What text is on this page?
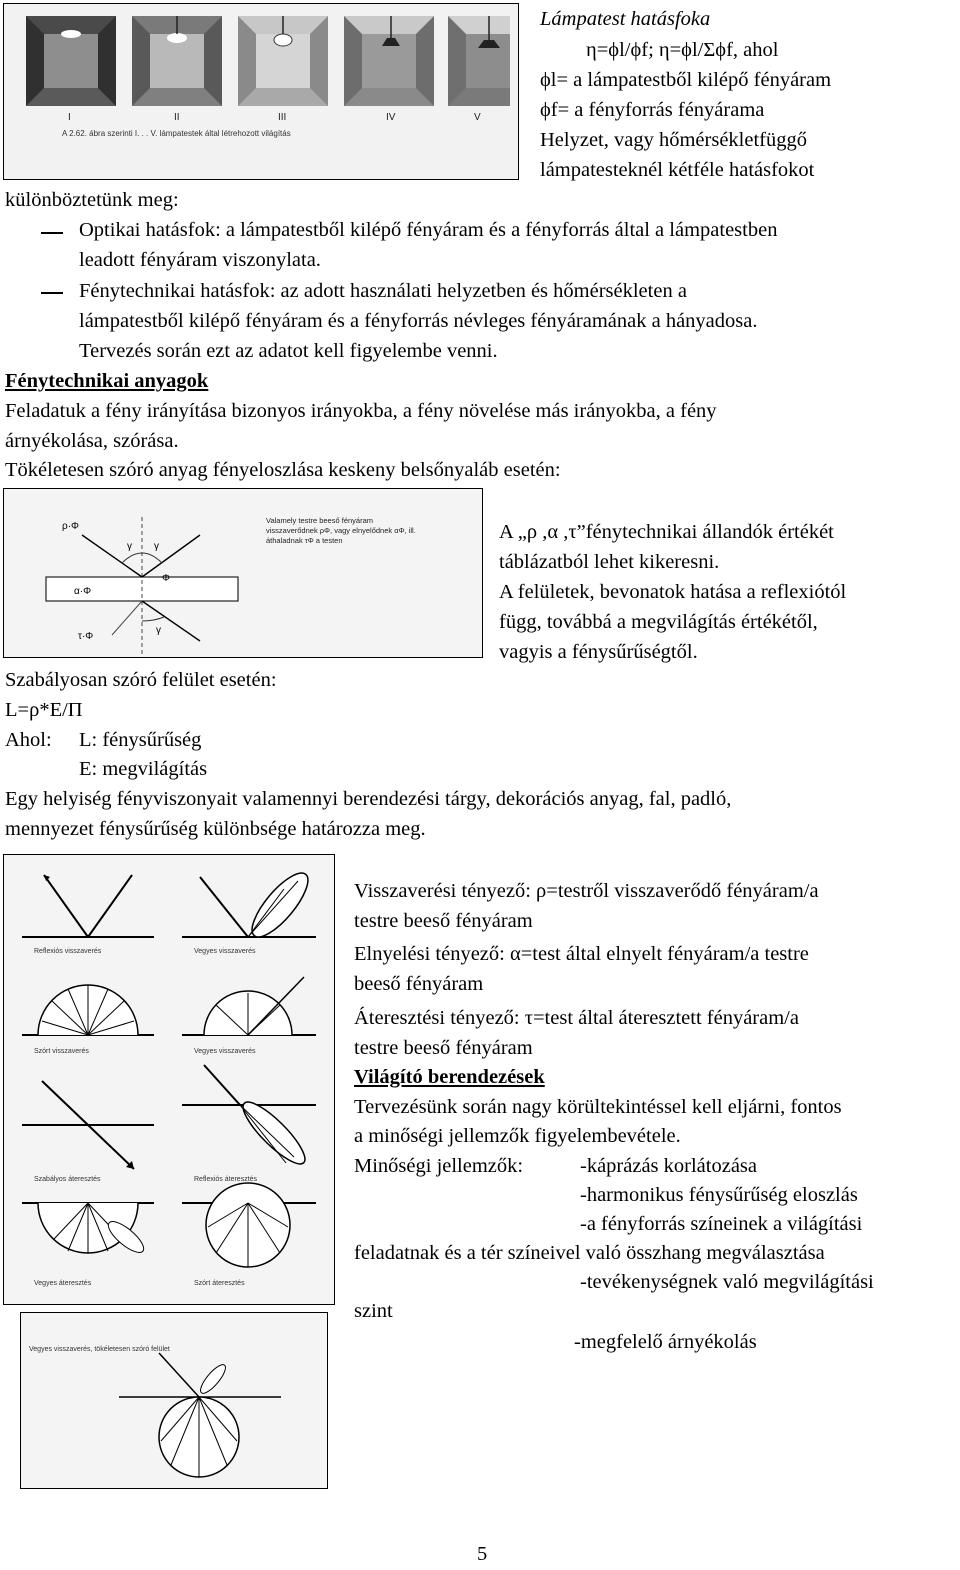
I	II	III	IV	V
A 2.62. ábra szerinti I. . . V. lámpatestek által létrehozott világítás
Lámpatest hatásfoka
η=ϕl/ϕf; η=ϕl/Σϕf, ahol
ϕl= a lámpatestből kilépő fényáram
ϕf= a fényforrás fényárama
Helyzet, vagy hőmérsékletfüggő
lámpatesteknél kétféle hatásfokot
különböztetünk meg:
Optikai hatásfok: a lámpatestből kilépő fényáram és a fényforrás által a lámpatestben
leadott fényáram viszonylata.
Fénytechnikai hatásfok: az adott használati helyzetben és hőmérsékleten a
lámpatestből kilépő fényáram és a fényforrás névleges fényáramának a hányadosa.
Tervezés során ezt az adatot kell figyelembe venni.
Fénytechnikai anyagok
Feladatuk a fény irányítása bizonyos irányokba, a fény növelése más irányokba, a fény
árnyékolása, szórása.
Tökéletesen szóró anyag fényeloszlása keskeny belsőnyaláb esetén:
ρ·Φ
α·Φ
τ·Φ
Φ
γ γ
γ
Valamely testre beeső fényáram
visszaverődnek ρΦ, vagy elnyelődnek αΦ, ill.
áthaladnak τΦ a testen	A „ρ ,α ,τ”fénytechnikai állandók értékét
táblázatból lehet kikeresni.
A felületek, bevonatok hatása a reflexiótól
függ, továbbá a megvilágítás értékétől,
vagyis a fénysűrűségtől.
Szabályosan szóró felület esetén:
L=ρ*E/Π
Ahol: L: fénysűrűség
E: megvilágítás
Egy helyiség fényviszonyait valamennyi berendezési tárgy, dekorációs anyag, fal, padló,
mennyezet fénysűrűség különbsége határozza meg.
Reflexiós visszaverés	Vegyes visszaverés
Szórt visszaverés	Vegyes visszaverés
Szabályos áteresztés	Reflexiós áteresztés
Vegyes áteresztés	Szórt áteresztés
Vegyes visszaverés, tökéletesen szóró felület
Visszaverési tényező: ρ=testről visszaverődő fényáram/a
testre beeső fényáram
Elnyelési tényező: α=test által elnyelt fényáram/a testre
beeső fényáram
Áteresztési tényező: τ=test által áteresztett fényáram/a
testre beeső fényáram
Világító berendezések
Tervezésünk során nagy körültekintéssel kell eljárni, fontos
a minőségi jellemzők figyelembevétele.
Minőségi jellemzők:	-káprázás korlátozása
-harmonikus fénysűrűség eloszlás
-a fényforrás színeinek a világítási
feladatnak és a tér színeivel való összhang megválasztása
-tevékenységnek való megvilágítási
szint
-megfelelő árnyékolás
5
